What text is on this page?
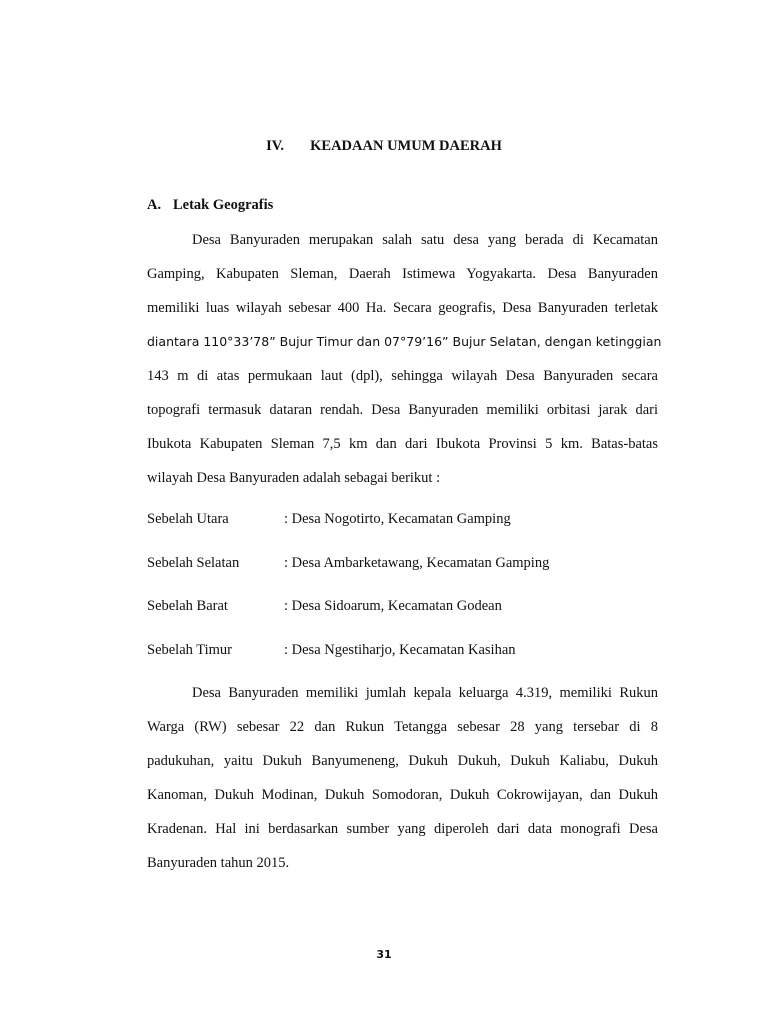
IV. KEADAAN UMUM DAERAH
A. Letak Geografis

Desa Banyuraden merupakan salah satu desa yang berada di Kecamatan
Gamping, Kabupaten Sleman, Daerah Istimewa Yogyakarta. Desa Banyuraden
memiliki luas wilayah sebesar 400 Ha. Secara geografis, Desa Banyuraden terletak
diantara 110°33’78” Bujur Timur dan 07°79’16” Bujur Selatan, dengan ketinggian
143 m di atas permukaan laut (dpl), sehingga wilayah Desa Banyuraden secara
topografi termasuk dataran rendah. Desa Banyuraden memiliki orbitasi jarak dari
Ibukota Kabupaten Sleman 7,5 km dan dari Ibukota Provinsi 5 km. Batas-batas
wilayah Desa Banyuraden adalah sebagai berikut :

Sebelah Utara	: Desa Nogotirto, Kecamatan Gamping
Sebelah Selatan	: Desa Ambarketawang, Kecamatan Gamping
Sebelah Barat	: Desa Sidoarum, Kecamatan Godean
Sebelah Timur	: Desa Ngestiharjo, Kecamatan Kasihan

Desa Banyuraden memiliki jumlah kepala keluarga 4.319, memiliki Rukun
Warga (RW) sebesar 22 dan Rukun Tetangga sebesar 28 yang tersebar di 8
padukuhan, yaitu Dukuh Banyumeneng, Dukuh Dukuh, Dukuh Kaliabu, Dukuh
Kanoman, Dukuh Modinan, Dukuh Somodoran, Dukuh Cokrowijayan, dan Dukuh
Kradenan. Hal ini berdasarkan sumber yang diperoleh dari data monografi Desa
Banyuraden tahun 2015.

31
